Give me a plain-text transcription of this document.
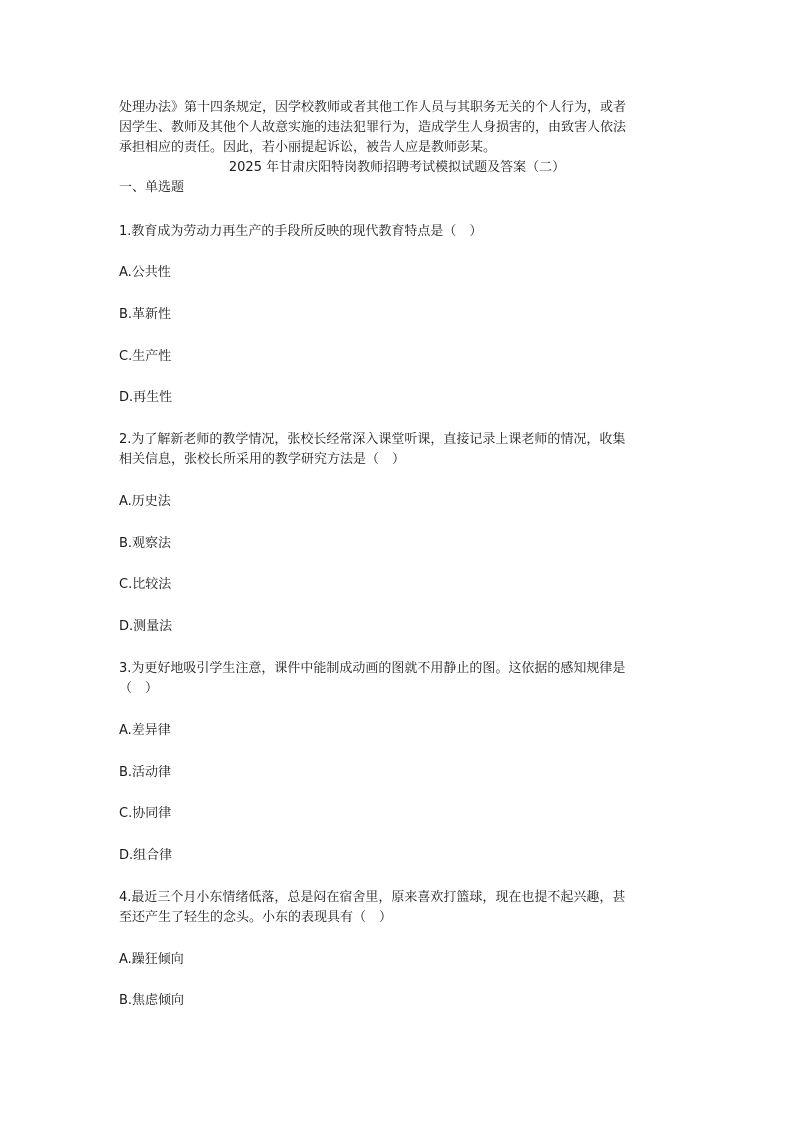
处理办法》第十四条规定，因学校教师或者其他工作人员与其职务无关的个人行为，或者

因学生、教师及其他个人故意实施的违法犯罪行为，造成学生人身损害的，由致害人依法

承担相应的责任。因此，若小丽提起诉讼，被告人应是教师彭某。

2025 年甘肃庆阳特岗教师招聘考试模拟试题及答案（二）
一、单选题
1.教育成为劳动力再生产的手段所反映的现代教育特点是（　）
A.公共性
B.革新性
C.生产性
D.再生性
2.为了解新老师的教学情况，张校长经常深入课堂听课，直接记录上课老师的情况，收集
相关信息，张校长所采用的教学研究方法是（　）
A.历史法
B.观察法
C.比较法
D.测量法
3.为更好地吸引学生注意，课件中能制成动画的图就不用静止的图。这依据的感知规律是
（　）
A.差异律
B.活动律
C.协同律
D.组合律
4.最近三个月小东情绪低落，总是闷在宿舍里，原来喜欢打篮球，现在也提不起兴趣，甚
至还产生了轻生的念头。小东的表现具有（　）
A.躁狂倾向
B.焦虑倾向
